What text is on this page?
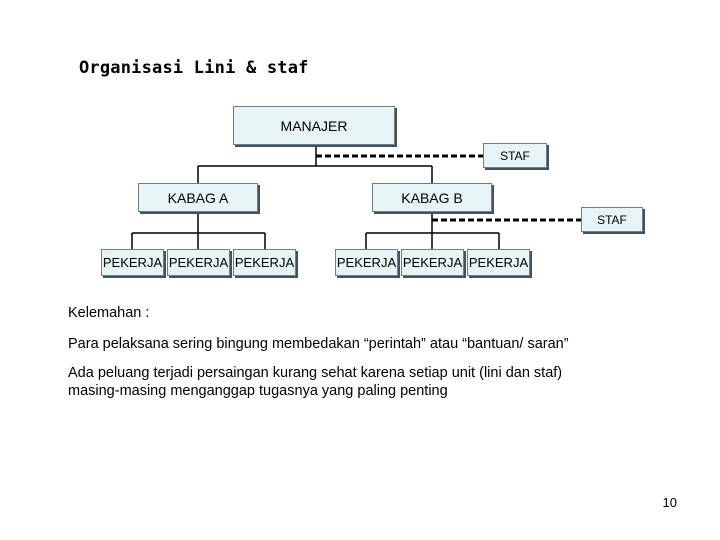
Organisasi Lini & staf
MANAJER
STAF
KABAG A	KABAG B
STAF
PEKERJA PEKERJA PEKERJA	PEKERJA PEKERJA PEKERJA
Kelemahan :
Para pelaksana sering bingung membedakan “perintah” atau “bantuan/ saran”
Ada peluang terjadi persaingan kurang sehat karena setiap unit (lini dan staf)
masing-masing menganggap tugasnya yang paling penting
10
